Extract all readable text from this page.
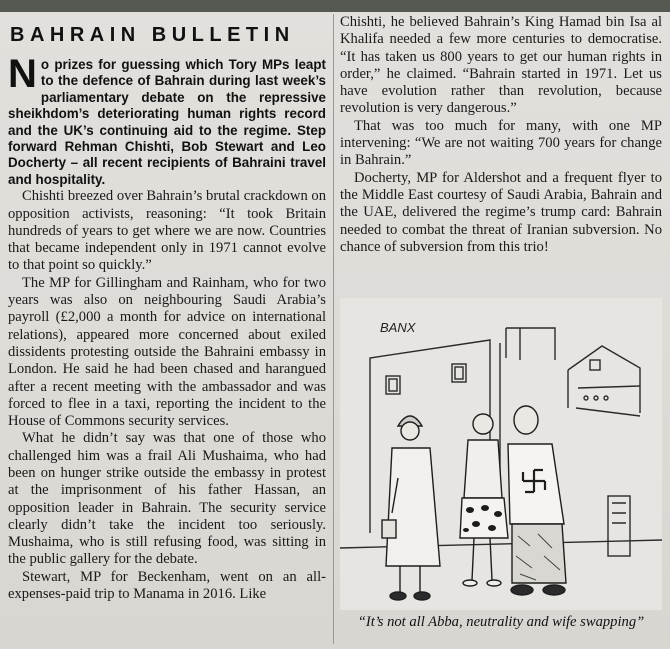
BAHRAIN BULLETIN

No prizes for guessing which Tory MPs leapt to the defence of Bahrain during last week’s parliamentary debate on the repressive sheikhdom’s deteriorating human rights record and the UK’s continuing aid to the regime. Step forward Rehman Chishti, Bob Stewart and Leo Docherty – all recent recipients of Bahraini travel and hospitality.

Chishti breezed over Bahrain’s brutal crackdown on opposition activists, reasoning: “It took Britain hundreds of years to get where we are now. Countries that became independent only in 1971 cannot evolve to that point so quickly.”

The MP for Gillingham and Rainham, who for two years was also on neighbouring Saudi Arabia’s payroll (£2,000 a month for advice on international relations), appeared more concerned about exiled dissidents protesting outside the Bahraini embassy in London. He said he had been chased and harangued after a recent meeting with the ambassador and was forced to flee in a taxi, reporting the incident to the House of Commons security services.

What he didn’t say was that one of those who challenged him was a frail Ali Mushaima, who had been on hunger strike outside the embassy in protest at the imprisonment of his father Hassan, an opposition leader in Bahrain. The security service clearly didn’t take the incident too seriously. Mushaima, who is still refusing food, was sitting in the public gallery for the debate.

Stewart, MP for Beckenham, went on an all-expenses-paid trip to Manama in 2016. Like

Chishti, he believed Bahrain’s King Hamad bin Isa al Khalifa needed a few more centuries to democratise. “It has taken us 800 years to get our human rights in order,” he claimed. “Bahrain started in 1971. Let us have evolution rather than revolution, because revolution is very dangerous.”

That was too much for many, with one MP intervening: “We are not waiting 700 years for change in Bahrain.”

Docherty, MP for Aldershot and a frequent flyer to the Middle East courtesy of Saudi Arabia, Bahrain and the UAE, delivered the regime’s trump card: Bahrain needed to combat the threat of Iranian subversion. No chance of subversion from this trio!

BANX
“It’s not all Abba, neutrality and wife swapping”
